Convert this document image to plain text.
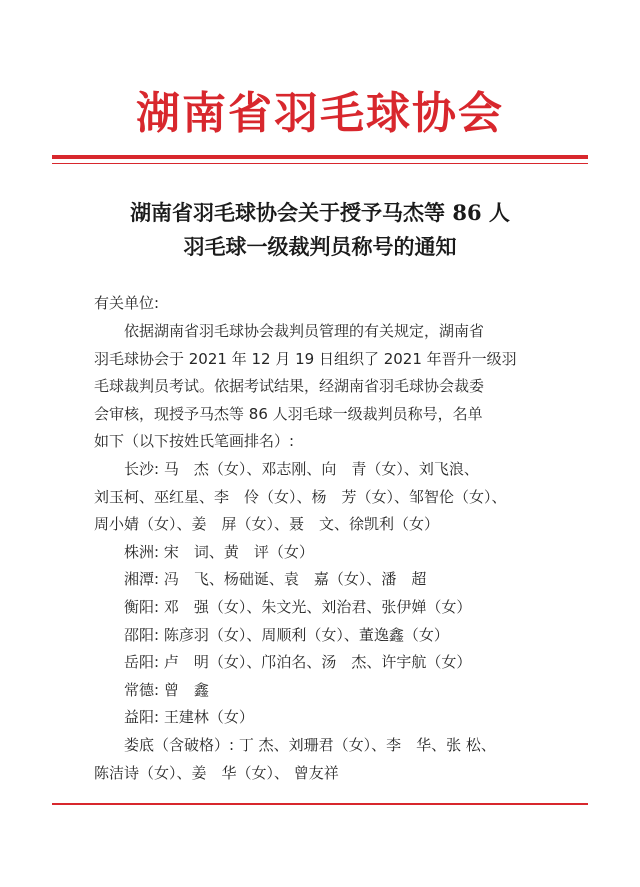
湖南省羽毛球协会
湖南省羽毛球协会关于授予马杰等 86 人
羽毛球一级裁判员称号的通知
有关单位:
依据湖南省羽毛球协会裁判员管理的有关规定，湖南省
羽毛球协会于 2021 年 12 月 19 日组织了 2021 年晋升一级羽
毛球裁判员考试。依据考试结果，经湖南省羽毛球协会裁委
会审核，现授予马杰等 86 人羽毛球一级裁判员称号，名单
如下（以下按姓氏笔画排名）:
长沙: 马　杰（女）、邓志刚、向　青（女）、刘飞浪、
刘玉柯、巫红星、李　伶（女）、杨　芳（女）、邹智伦（女）、
周小婧（女）、姜　屏（女）、聂　文、徐凯利（女）
株洲: 宋　词、黄　评（女）
湘潭: 冯　飞、杨础诞、袁　嘉（女）、潘　超
衡阳: 邓　强（女）、朱文光、刘治君、张伊婵（女）
邵阳: 陈彦羽（女）、周顺利（女）、董逸鑫（女）
岳阳: 卢　明（女）、邝泊名、汤　杰、许宇航（女）
常德: 曾　鑫
益阳: 王建林（女）
娄底（含破格）: 丁 杰、刘珊君（女）、李　华、张 松、
陈洁诗（女）、姜　华（女）、 曾友祥
